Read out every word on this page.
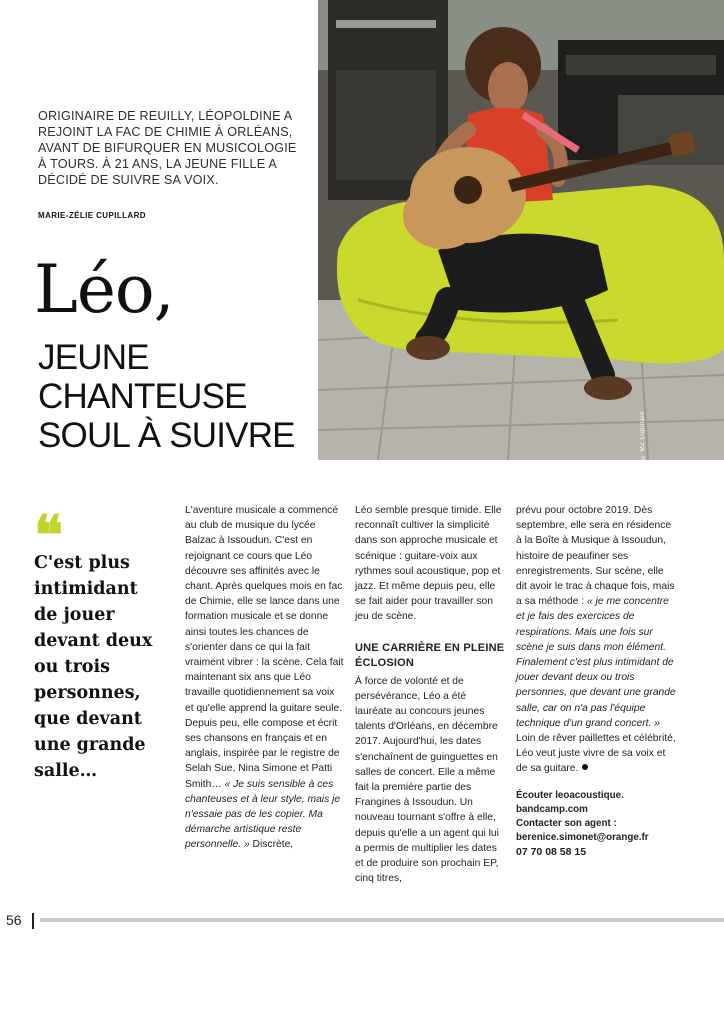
© MZ Cupillard

ORIGINAIRE DE REUILLY, LÉOPOLDINE A REJOINT LA FAC DE CHIMIE À ORLÉANS, AVANT DE BIFURQUER EN MUSICOLOGIE À TOURS. À 21 ANS, LA JEUNE FILLE A DÉCIDÉ DE SUIVRE SA VOIX.

MARIE-ZÉLIE CUPILLARD

Léo,
JEUNE
CHANTEUSE
SOUL À SUIVRE
❝

C'est plus intimidant de jouer devant deux ou trois personnes, que devant une grande salle…

L'aventure musicale a commencé au club de musique du lycée Balzac à Issoudun. C'est en rejoignant ce cours que Léo découvre ses affinités avec le chant. Après quelques mois en fac de Chimie, elle se lance dans une formation musicale et se donne ainsi toutes les chances de s'orienter dans ce qui la fait vraiment vibrer : la scène. Cela fait maintenant six ans que Léo travaille quotidiennement sa voix et qu'elle apprend la guitare seule. Depuis peu, elle compose et écrit ses chansons en français et en anglais, inspirée par le registre de Selah Sue, Nina Simone et Patti Smith… « Je suis sensible à ces chanteuses et à leur style, mais je n'essaie pas de les copier. Ma démarche artistique reste personnelle. » Discrète,

Léo semble presque timide. Elle reconnaît cultiver la simplicité dans son approche musicale et scénique : guitare-voix aux rythmes soul acoustique, pop et jazz. Et même depuis peu, elle se fait aider pour travailler son jeu de scène.

UNE CARRIÈRE EN PLEINE ÉCLOSION

À force de volonté et de persévérance, Léo a été lauréate au concours jeunes talents d'Orléans, en décembre 2017. Aujourd'hui, les dates s'enchaînent de guinguettes en salles de concert. Elle a même fait la première partie des Frangines à Issoudun. Un nouveau tournant s'offre à elle, depuis qu'elle a un agent qui lui a permis de multiplier les dates et de produire son prochain EP, cinq titres,

prévu pour octobre 2019. Dès septembre, elle sera en résidence à la Boîte à Musique à Issoudun, histoire de peaufiner ses enregistrements. Sur scène, elle dit avoir le trac à chaque fois, mais a sa méthode : « je me concentre et je fais des exercices de respirations. Mais une fois sur scène je suis dans mon élément. Finalement c'est plus intimidant de jouer devant deux ou trois personnes, que devant une grande salle, car on n'a pas l'équipe technique d'un grand concert. » Loin de rêver paillettes et célébrité, Léo veut juste vivre de sa voix et de sa guitare.

Écouter leoacoustique. bandcamp.com

Contacter son agent :

berenice.simonet@orange.fr

07 70 08 58 15

56
